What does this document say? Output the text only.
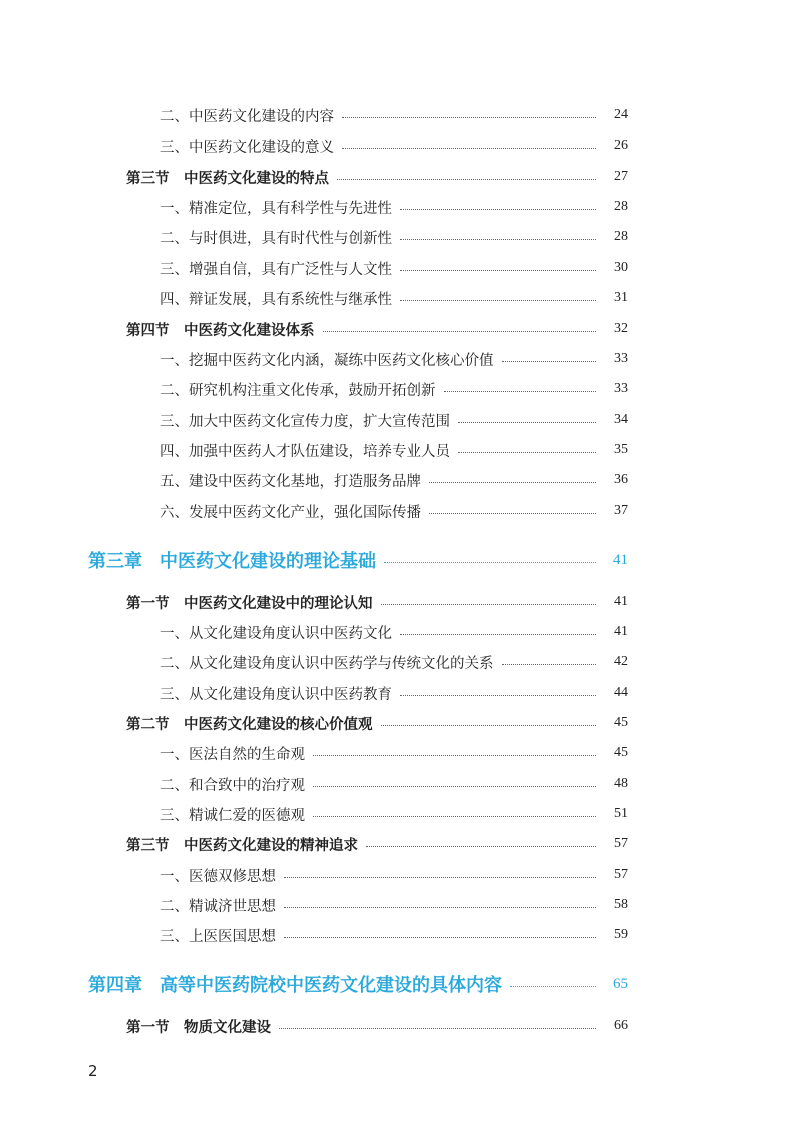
二、中医药文化建设的内容	24
三、中医药文化建设的意义	26
第三节　中医药文化建设的特点	27
一、精准定位，具有科学性与先进性	28
二、与时俱进，具有时代性与创新性	28
三、增强自信，具有广泛性与人文性	30
四、辩证发展，具有系统性与继承性	31
第四节　中医药文化建设体系	32
一、挖掘中医药文化内涵，凝练中医药文化核心价值	33
二、研究机构注重文化传承，鼓励开拓创新	33
三、加大中医药文化宣传力度，扩大宣传范围	34
四、加强中医药人才队伍建设，培养专业人员	35
五、建设中医药文化基地，打造服务品牌	36
六、发展中医药文化产业，强化国际传播	37
第三章　中医药文化建设的理论基础	41
第一节　中医药文化建设中的理论认知	41
一、从文化建设角度认识中医药文化	41
二、从文化建设角度认识中医药学与传统文化的关系	42
三、从文化建设角度认识中医药教育	44
第二节　中医药文化建设的核心价值观	45
一、医法自然的生命观	45
二、和合致中的治疗观	48
三、精诚仁爱的医德观	51
第三节　中医药文化建设的精神追求	57
一、医德双修思想	57
二、精诚济世思想	58
三、上医医国思想	59
第四章　高等中医药院校中医药文化建设的具体内容	65
第一节　物质文化建设	66
2
